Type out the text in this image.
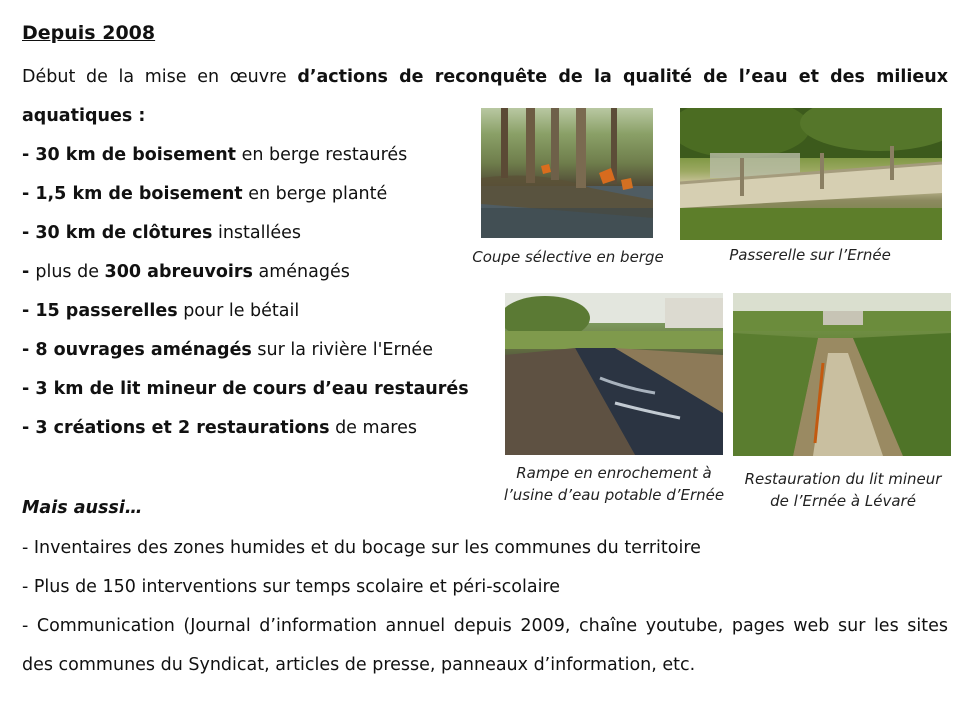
Depuis 2008
Début de la mise en œuvre d’actions de reconquête de la qualité de l’eau et des milieux
aquatiques :
- 30 km de boisement en berge restaurés
- 1,5 km de boisement en berge planté
- 30 km de clôtures installées
- plus de 300 abreuvoirs aménagés
- 15 passerelles pour le bétail
- 8 ouvrages aménagés sur la rivière l'Ernée
- 3 km de lit mineur de cours d’eau restaurés
- 3 créations et 2 restaurations de mares
Mais aussi…
- Inventaires des zones humides et du bocage sur les communes du territoire
- Plus de 150 interventions sur temps scolaire et péri-scolaire
- Communication (Journal d’information annuel depuis 2009, chaîne youtube, pages web sur les sites
des communes du Syndicat, articles de presse, panneaux d’information, etc.
Coupe sélective en berge	Passerelle sur l’Ernée
Rampe en enrochement à
l’usine d’eau potable d’Ernée
Restauration du lit mineur
de l’Ernée à Lévaré
